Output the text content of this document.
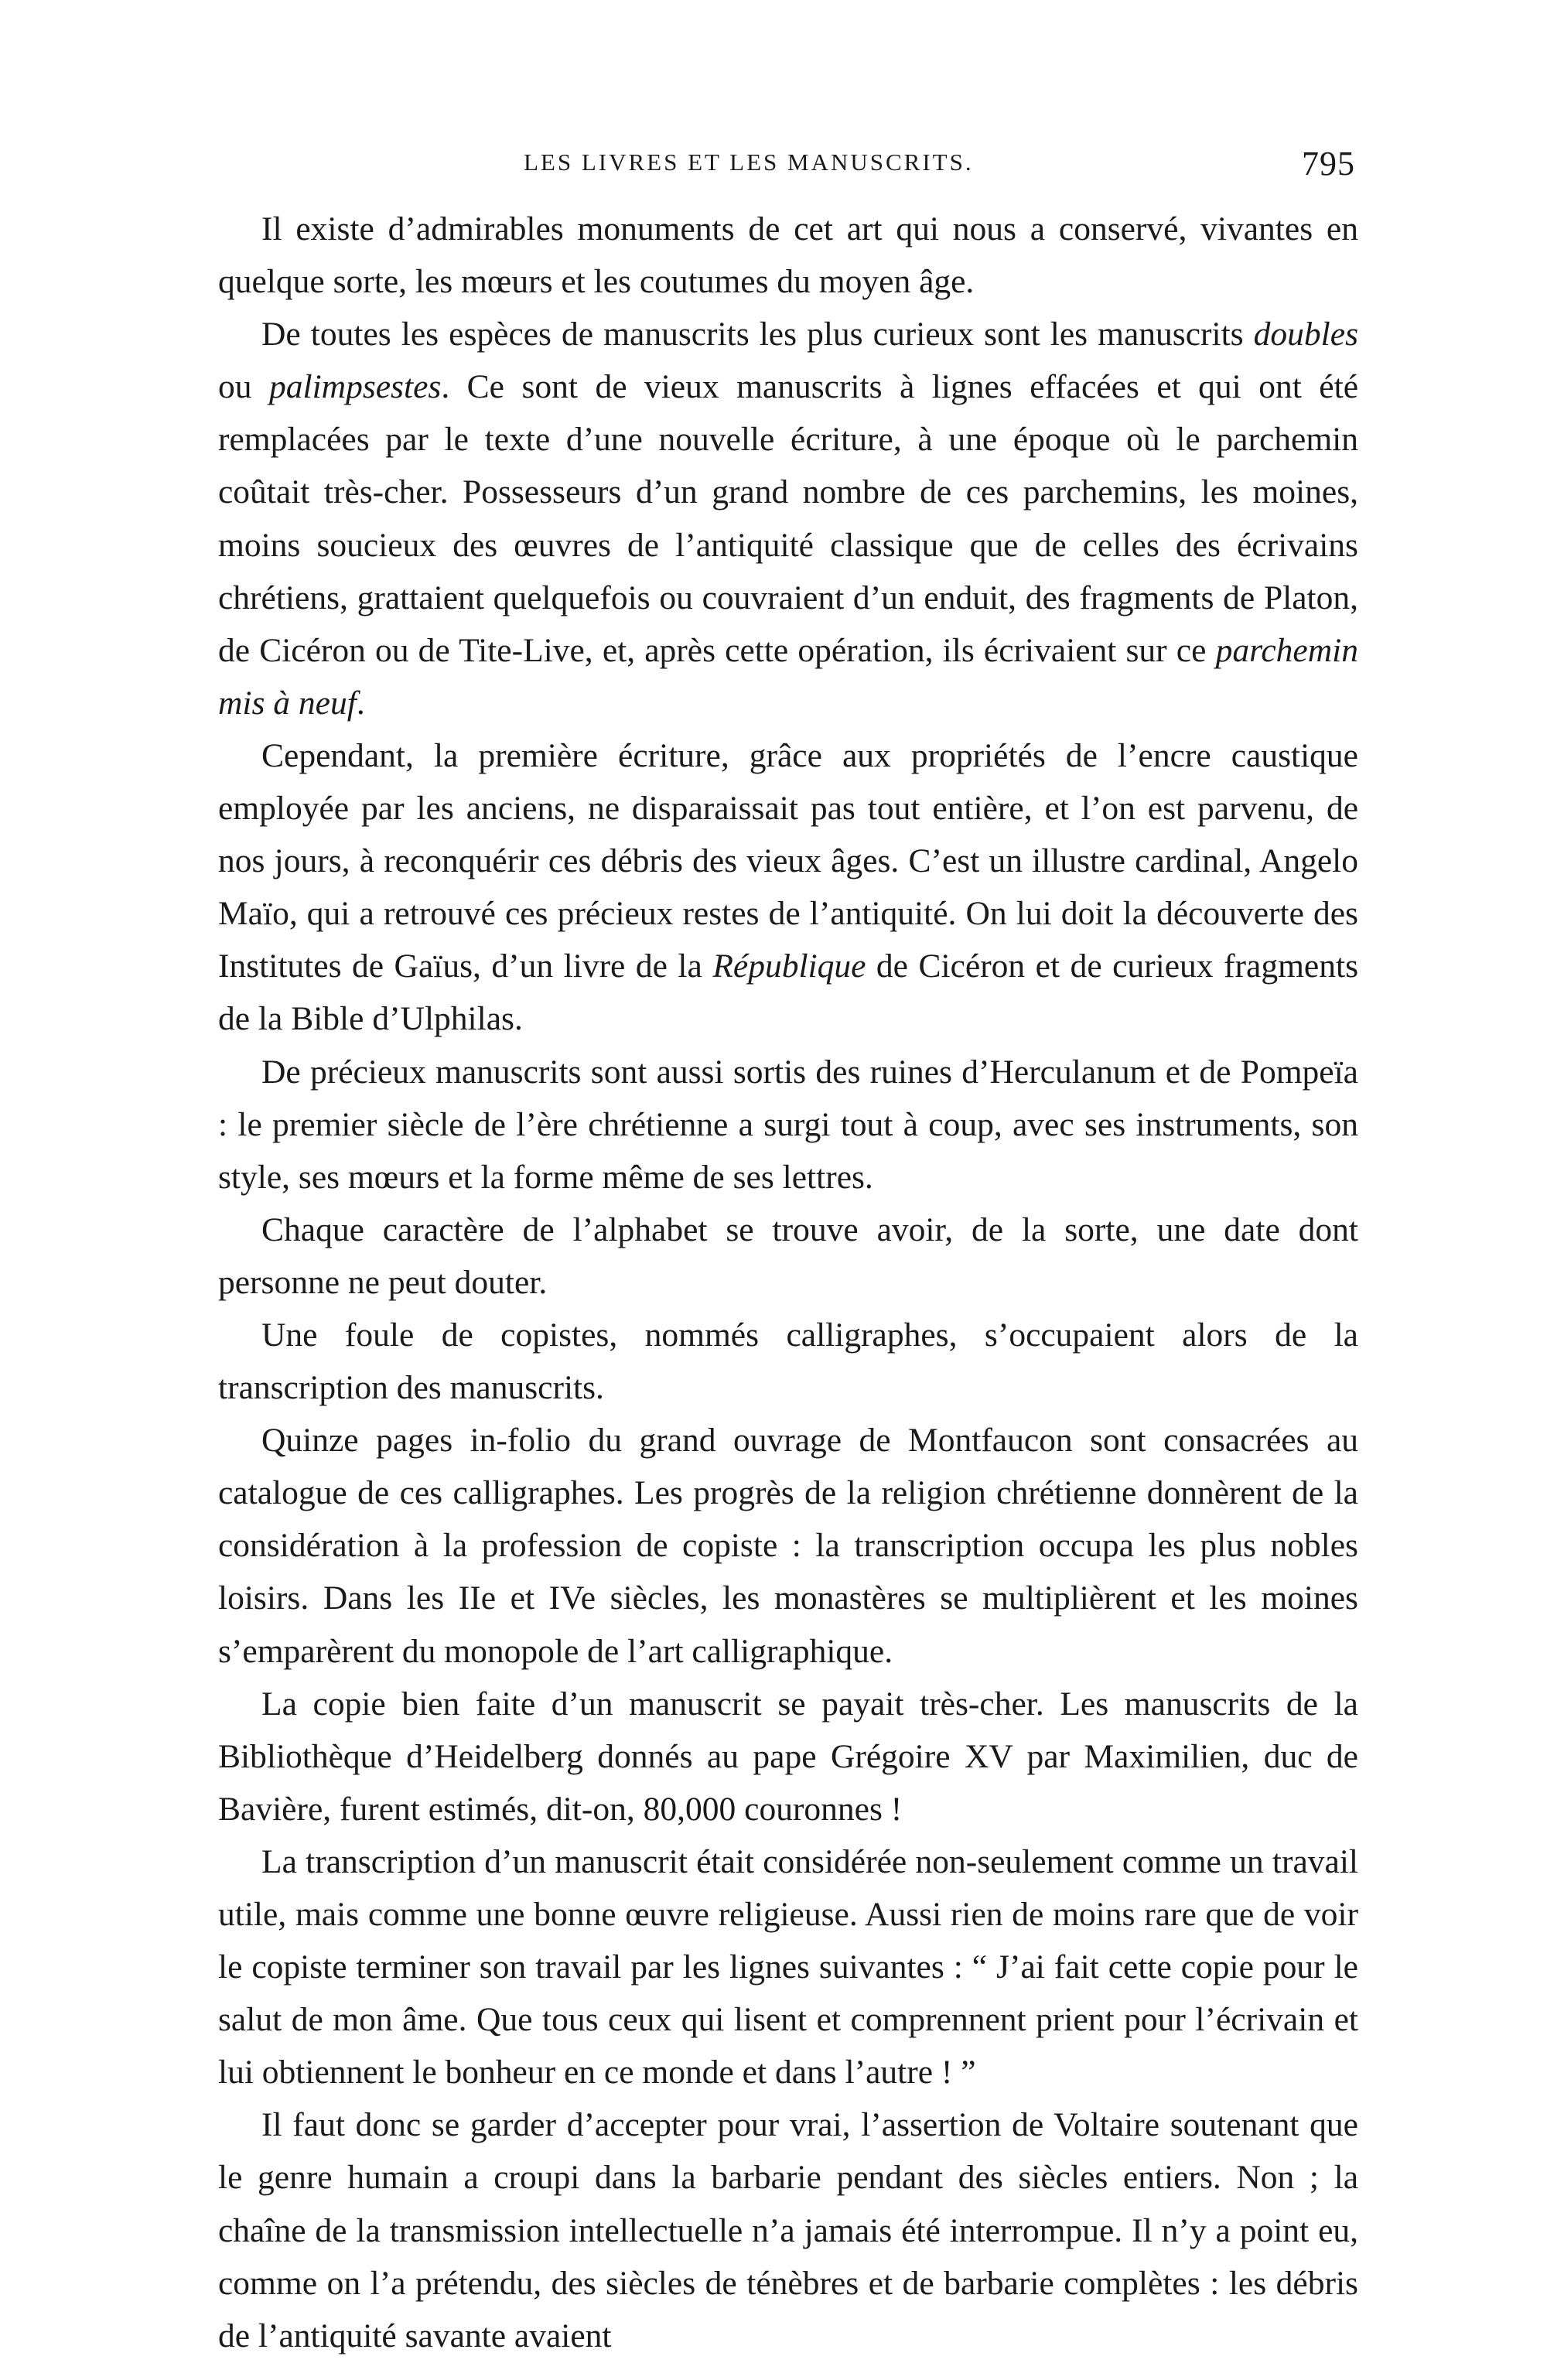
LES LIVRES ET LES MANUSCRITS.	795

Il existe d’admirables monuments de cet art qui nous a conservé, vivantes en quelque sorte, les mœurs et les coutumes du moyen âge.

De toutes les espèces de manuscrits les plus curieux sont les manuscrits doubles ou palimpsestes. Ce sont de vieux manuscrits à lignes effacées et qui ont été remplacées par le texte d’une nouvelle écriture, à une époque où le parchemin coûtait très-cher. Possesseurs d’un grand nombre de ces parchemins, les moines, moins soucieux des œuvres de l’antiquité classique que de celles des écrivains chrétiens, grattaient quelquefois ou couvraient d’un enduit, des fragments de Platon, de Cicéron ou de Tite-Live, et, après cette opération, ils écrivaient sur ce parchemin mis à neuf.

Cependant, la première écriture, grâce aux propriétés de l’encre caustique employée par les anciens, ne disparaissait pas tout entière, et l’on est parvenu, de nos jours, à reconquérir ces débris des vieux âges. C’est un illustre cardinal, Angelo Maïo, qui a retrouvé ces précieux restes de l’antiquité. On lui doit la découverte des Institutes de Gaïus, d’un livre de la République de Cicéron et de curieux fragments de la Bible d’Ulphilas.

De précieux manuscrits sont aussi sortis des ruines d’Herculanum et de Pompeïa : le premier siècle de l’ère chrétienne a surgi tout à coup, avec ses instruments, son style, ses mœurs et la forme même de ses lettres.

Chaque caractère de l’alphabet se trouve avoir, de la sorte, une date dont personne ne peut douter.

Une foule de copistes, nommés calligraphes, s’occupaient alors de la transcription des manuscrits.

Quinze pages in-folio du grand ouvrage de Montfaucon sont consacrées au catalogue de ces calligraphes. Les progrès de la religion chrétienne donnèrent de la considération à la profession de copiste : la transcription occupa les plus nobles loisirs. Dans les IIe et IVe siècles, les monastères se multiplièrent et les moines s’emparèrent du monopole de l’art calligraphique.

La copie bien faite d’un manuscrit se payait très-cher. Les manuscrits de la Bibliothèque d’Heidelberg donnés au pape Grégoire XV par Maximilien, duc de Bavière, furent estimés, dit-on, 80,000 couronnes !

La transcription d’un manuscrit était considérée non-seulement comme un travail utile, mais comme une bonne œuvre religieuse. Aussi rien de moins rare que de voir le copiste terminer son travail par les lignes suivantes : “ J’ai fait cette copie pour le salut de mon âme. Que tous ceux qui lisent et comprennent prient pour l’écrivain et lui obtiennent le bonheur en ce monde et dans l’autre ! ”

Il faut donc se garder d’accepter pour vrai, l’assertion de Voltaire soutenant que le genre humain a croupi dans la barbarie pendant des siècles entiers. Non ; la chaîne de la transmission intellectuelle n’a jamais été interrompue. Il n’y a point eu, comme on l’a prétendu, des siècles de ténèbres et de barbarie complètes : les débris de l’antiquité savante avaient
